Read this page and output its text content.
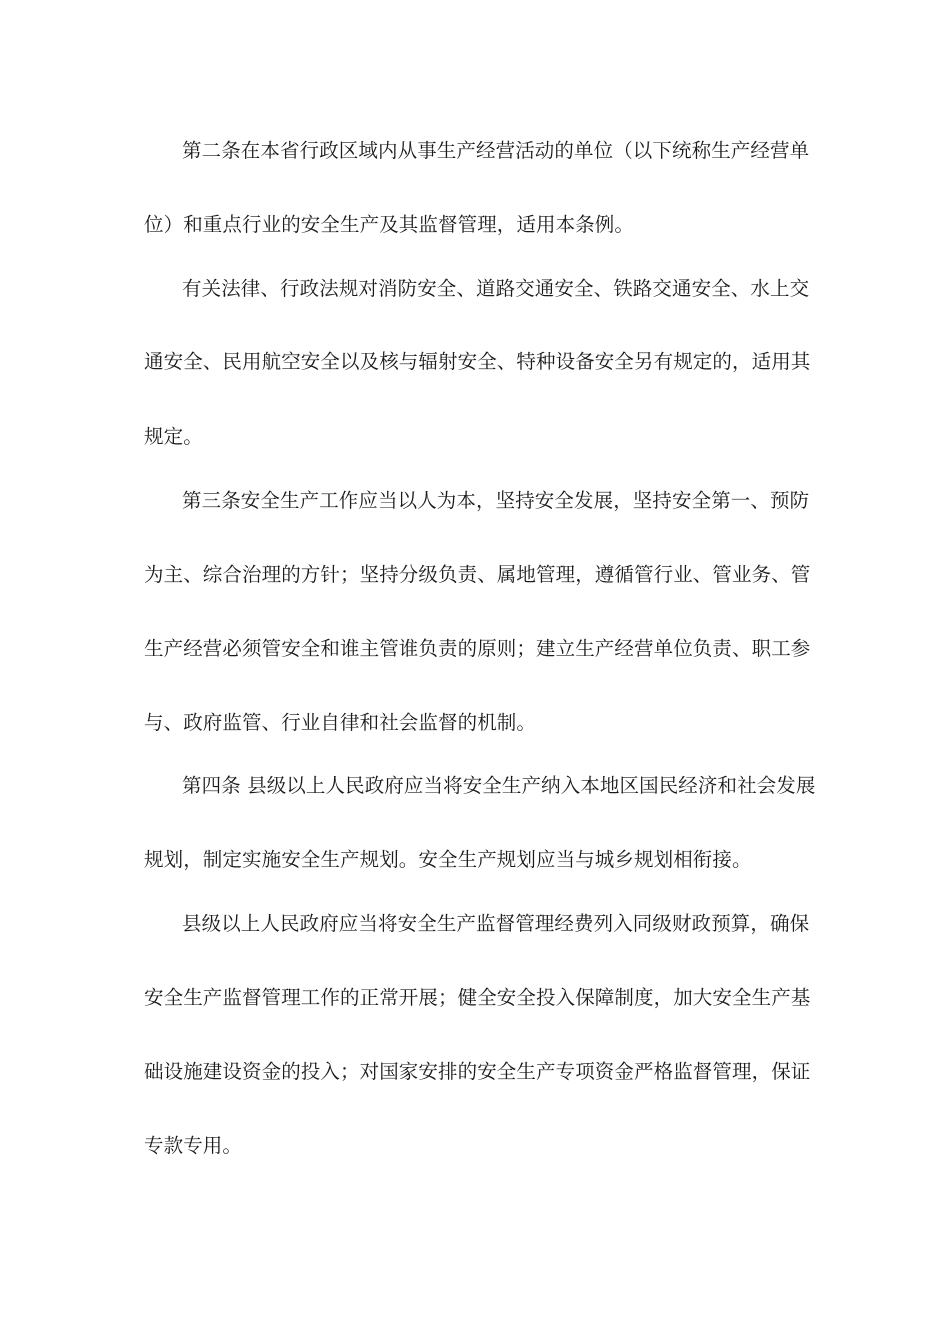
第二条在本省行政区域内从事生产经营活动的单位（以下统称生产经营单
位）和重点行业的安全生产及其监督管理，适用本条例。
有关法律、行政法规对消防安全、道路交通安全、铁路交通安全、水上交
通安全、民用航空安全以及核与辐射安全、特种设备安全另有规定的，适用其
规定。
第三条安全生产工作应当以人为本，坚持安全发展，坚持安全第一、预防
为主、综合治理的方针；坚持分级负责、属地管理，遵循管行业、管业务、管
生产经营必须管安全和谁主管谁负责的原则；建立生产经营单位负责、职工参
与、政府监管、行业自律和社会监督的机制。
第四条 县级以上人民政府应当将安全生产纳入本地区国民经济和社会发展
规划，制定实施安全生产规划。安全生产规划应当与城乡规划相衔接。
县级以上人民政府应当将安全生产监督管理经费列入同级财政预算，确保
安全生产监督管理工作的正常开展；健全安全投入保障制度，加大安全生产基
础设施建设资金的投入；对国家安排的安全生产专项资金严格监督管理，保证
专款专用。
